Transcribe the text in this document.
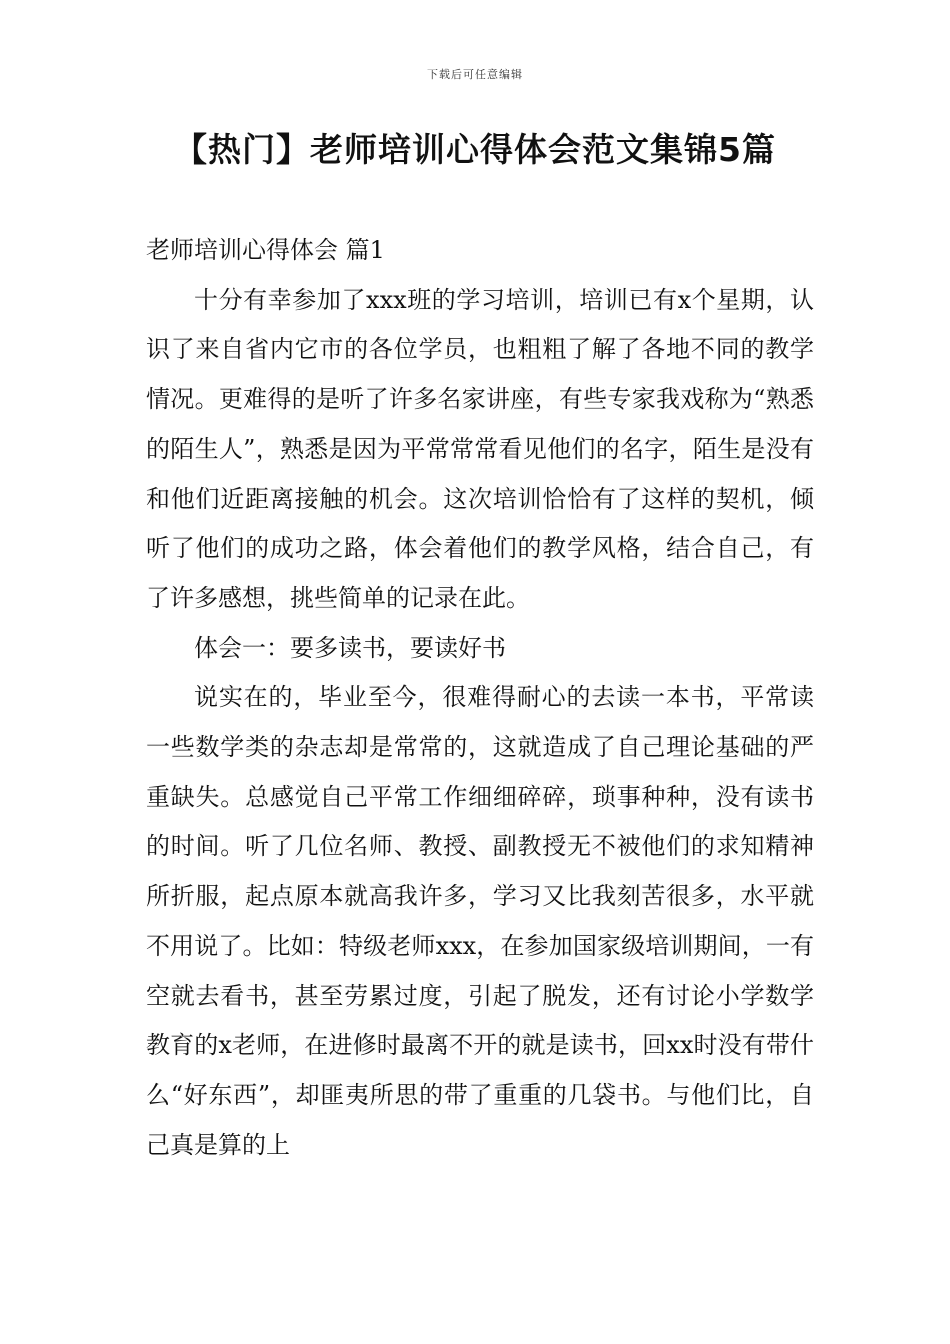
下载后可任意编辑
【热门】老师培训心得体会范文集锦5篇

老师培训心得体会 篇1

十分有幸参加了xxx班的学习培训，培训已有x个星期，认识了来自省内它市的各位学员，也粗粗了解了各地不同的教学情况。更难得的是听了许多名家讲座，有些专家我戏称为“熟悉的陌生人”，熟悉是因为平常常常看见他们的名字，陌生是没有和他们近距离接触的机会。这次培训恰恰有了这样的契机，倾听了他们的成功之路，体会着他们的教学风格，结合自己，有了许多感想，挑些简单的记录在此。

体会一：要多读书，要读好书

说实在的，毕业至今，很难得耐心的去读一本书，平常读一些数学类的杂志却是常常的，这就造成了自己理论基础的严重缺失。总感觉自己平常工作细细碎碎，琐事种种，没有读书的时间。听了几位名师、教授、副教授无不被他们的求知精神所折服，起点原本就高我许多，学习又比我刻苦很多，水平就不用说了。比如：特级老师xxx，在参加国家级培训期间，一有空就去看书，甚至劳累过度，引起了脱发，还有讨论小学数学教育的x老师，在进修时最离不开的就是读书，回xx时没有带什么“好东西”，却匪夷所思的带了重重的几袋书。与他们比，自己真是算的上
